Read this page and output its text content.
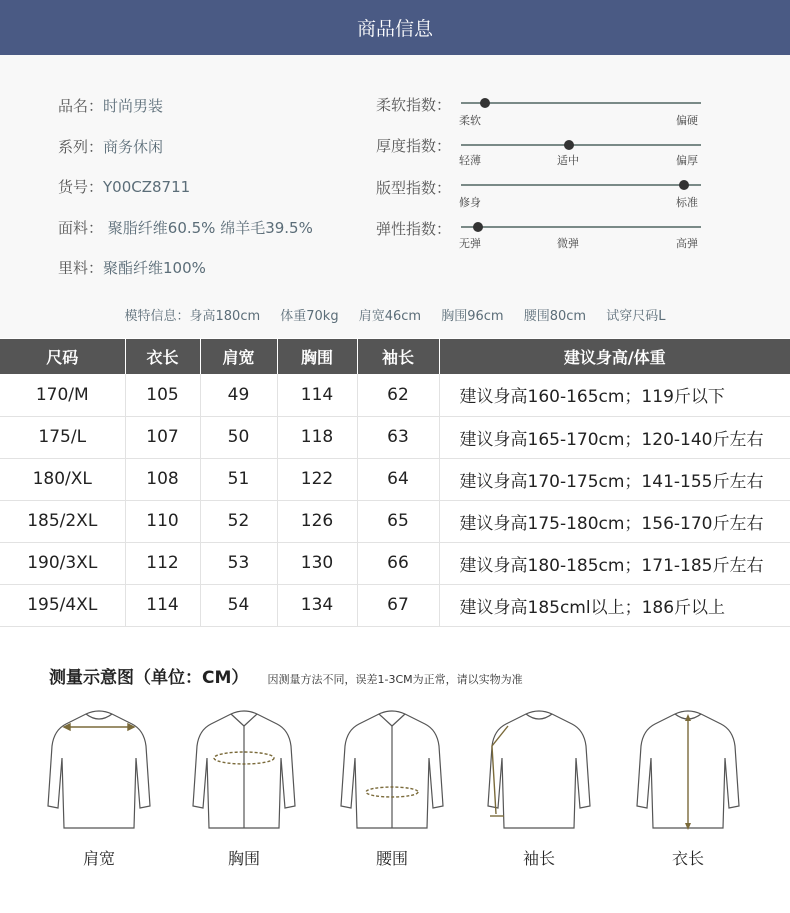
商品信息
品名：时尚男装
系列：商务休闲
货号：Y00CZ8711
面料： 聚脂纤维60.5% 绵羊毛39.5%
里料：聚酯纤维100%
柔软指数：
柔软	偏硬
厚度指数：
轻薄	适中	偏厚
版型指数：
修身	标准
弹性指数：
无弹	微弹	高弹
模特信息：身高180cm 体重70kg 肩宽46cm 胸围96cm 腰围80cm 试穿尺码L
尺码	衣长	肩宽	胸围	袖长	建议身高/体重
170/M	105	49	114	62	建议身高160-165cm；119斤以下
175/L	107	50	118	63	建议身高165-170cm；120-140斤左右
180/XL	108	51	122	64	建议身高170-175cm；141-155斤左右
185/2XL	110	52	126	65	建议身高175-180cm；156-170斤左右
190/3XL	112	53	130	66	建议身高180-185cm；171-185斤左右
195/4XL	114	54	134	67	建议身高185cml以上；186斤以上
测量示意图（单位：CM） 因测量方法不同，误差1-3CM为正常，请以实物为准
肩宽	胸围	腰围	袖长	衣长
